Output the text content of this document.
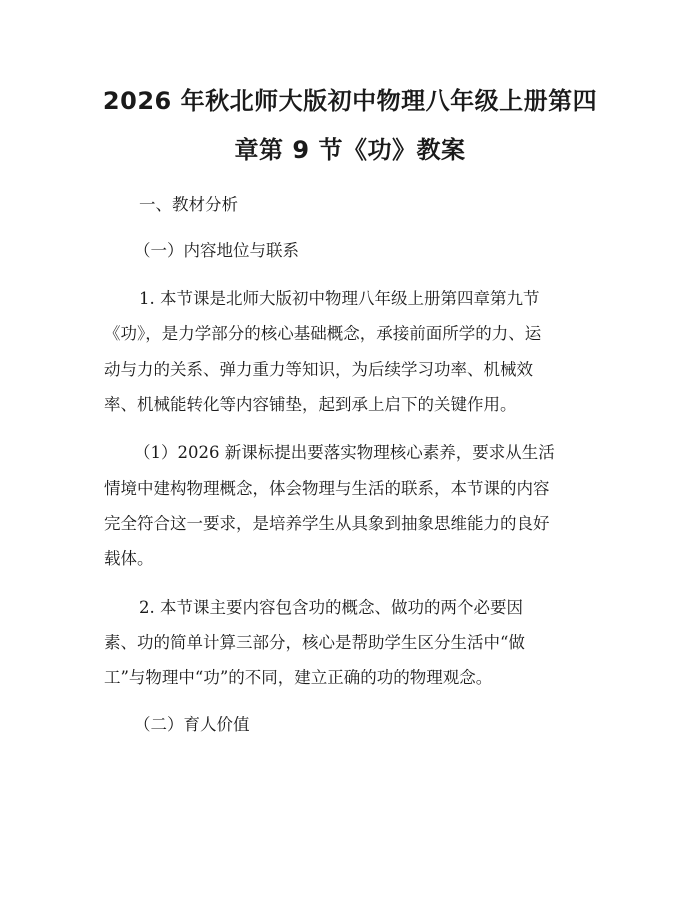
2026 年秋北师大版初中物理八年级上册第四
章第 9 节《功》教案

一、教材分析

（一）内容地位与联系

1. 本节课是北师大版初中物理八年级上册第四章第九节

《功》，是力学部分的核心基础概念，承接前面所学的力、运

动与力的关系、弹力重力等知识，为后续学习功率、机械效

率、机械能转化等内容铺垫，起到承上启下的关键作用。

（1）2026 新课标提出要落实物理核心素养，要求从生活

情境中建构物理概念，体会物理与生活的联系，本节课的内容

完全符合这一要求，是培养学生从具象到抽象思维能力的良好

载体。

2. 本节课主要内容包含功的概念、做功的两个必要因

素、功的简单计算三部分，核心是帮助学生区分生活中“做

工”与物理中“功”的不同，建立正确的功的物理观念。

（二）育人价值
